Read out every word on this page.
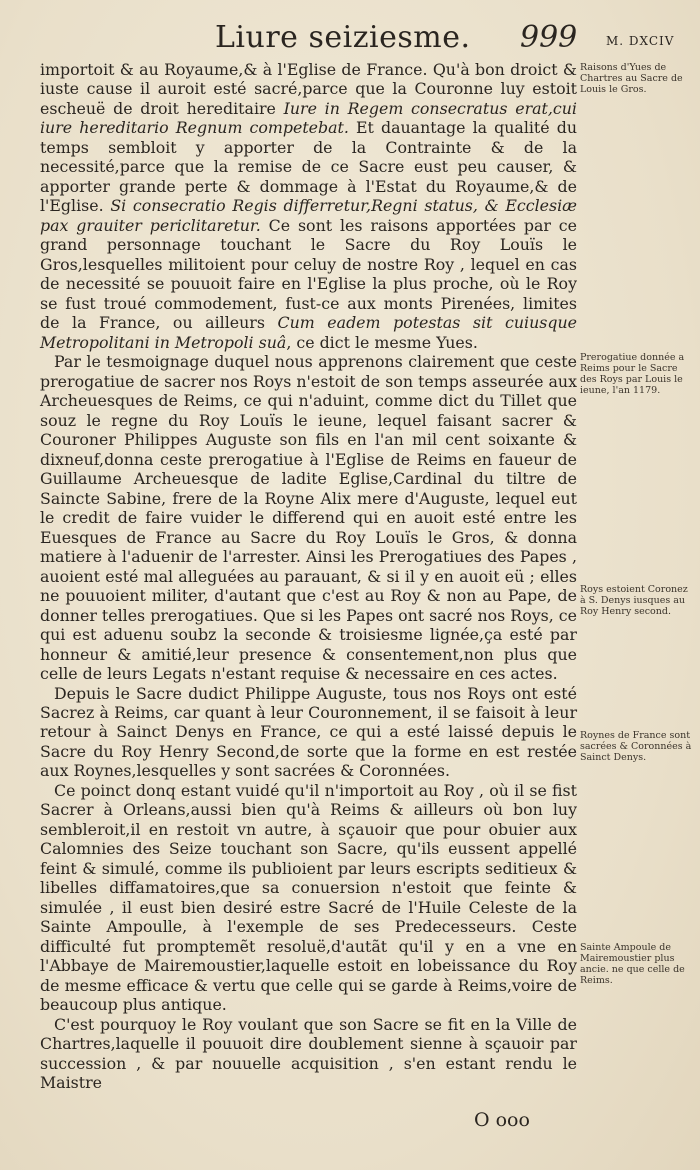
Liure seiziesme. 999 M. DXCIV

importoit & au Royaume,& à l'Eglise de France. Qu'à bon droict & iuste cause il auroit esté sacré,parce que la Couronne luy estoit escheuë de droit hereditaire Iure in Regem consecratus erat,cui iure hereditario Regnum competebat. Et dauantage la qualité du temps sembloit y apporter de la Contrainte & de la necessité,parce que la remise de ce Sacre eust peu causer, & apporter grande perte & dommage à l'Estat du Royaume,& de l'Eglise. Si consecratio Regis differretur,Regni status, & Ecclesiæ pax grauiter periclitaretur. Ce sont les raisons apportées par ce grand personnage touchant le Sacre du Roy Louïs le Gros,lesquelles militoient pour celuy de nostre Roy , lequel en cas de necessité se pouuoit faire en l'Eglise la plus proche, où le Roy se fust troué commodement, fust-ce aux monts Pirenées, limites de la France, ou ailleurs Cum eadem potestas sit cuiusque Metropolitani in Metropoli suâ, ce dict le mesme Yues.

Par le tesmoignage duquel nous apprenons clairement que ceste prerogatiue de sacrer nos Roys n'estoit de son temps asseurée aux Archeuesques de Reims, ce qui n'aduint, comme dict du Tillet que souz le regne du Roy Louïs le ieune, lequel faisant sacrer & Couroner Philippes Auguste son fils en l'an mil cent soixante & dixneuf,donna ceste prerogatiue à l'Eglise de Reims en faueur de Guillaume Archeuesque de ladite Eglise,Cardinal du tiltre de Saincte Sabine, frere de la Royne Alix mere d'Auguste, lequel eut le credit de faire vuider le differend qui en auoit esté entre les Euesques de France au Sacre du Roy Louïs le Gros, & donna matiere à l'aduenir de l'arrester. Ainsi les Prerogatiues des Papes , auoient esté mal alleguées au parauant, & si il y en auoit eü ; elles ne pouuoient militer, d'autant que c'est au Roy & non au Pape, de donner telles prerogatiues. Que si les Papes ont sacré nos Roys, ce qui est aduenu soubz la seconde & troisiesme lignée,ça esté par honneur & amitié,leur presence & consentement,non plus que celle de leurs Legats n'estant requise & necessaire en ces actes.

Depuis le Sacre dudict Philippe Auguste, tous nos Roys ont esté Sacrez à Reims, car quant à leur Couronnement, il se faisoit à leur retour à Sainct Denys en France, ce qui a esté laissé depuis le Sacre du Roy Henry Second,de sorte que la forme en est restée aux Roynes,lesquelles y sont sacrées & Coronnées.

Ce poinct donq estant vuidé qu'il n'importoit au Roy , où il se fist Sacrer à Orleans,aussi bien qu'à Reims & ailleurs où bon luy sembleroit,il en restoit vn autre, à sçauoir que pour obuier aux Calomnies des Seize touchant son Sacre, qu'ils eussent appellé feint & simulé, comme ils publioient par leurs escripts seditieux & libelles diffamatoires,que sa conuersion n'estoit que feinte & simulée , il eust bien desiré estre Sacré de l'Huile Celeste de la Sainte Ampoulle, à l'exemple de ses Predecesseurs. Ceste difficulté fut promptemẽt resoluë,d'autãt qu'il y en a vne en l'Abbaye de Mairemoustier,laquelle estoit en lobeissance du Roy de mesme efficace & vertu que celle qui se garde à Reims,voire de beaucoup plus antique.

C'est pourquoy le Roy voulant que son Sacre se fit en la Ville de Chartres,laquelle il pouuoit dire doublement sienne à sçauoir par succession , & par nouuelle acquisition , s'en estant rendu le Maistre

Raisons d'Yues de Chartres au Sacre de Louis le Gros.
Prerogatiue donnée a Reims pour le Sacre des Roys par Louis le ieune, l'an 1179.
Roys estoient Coronez à S. Denys iusques au Roy Henry second.
Roynes de France sont sacrées & Coronnées à Sainct Denys.
Sainte Ampoule de Mairemoustier plus ancie. ne que celle de Reims.
O ooo
